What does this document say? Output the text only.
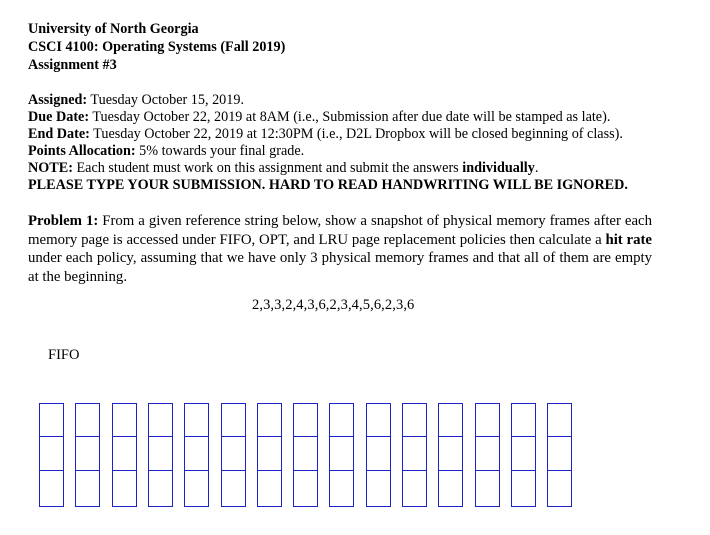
University of North Georgia

CSCI 4100: Operating Systems (Fall 2019)

Assignment #3

Assigned: Tuesday October 15, 2019.

Due Date: Tuesday October 22, 2019 at 8AM (i.e., Submission after due date will be stamped as late).

End Date: Tuesday October 22, 2019 at 12:30PM (i.e., D2L Dropbox will be closed beginning of class).

Points Allocation: 5% towards your final grade.

NOTE: Each student must work on this assignment and submit the answers individually.

PLEASE TYPE YOUR SUBMISSION. HARD TO READ HANDWRITING WILL BE IGNORED.

Problem 1: From a given reference string below, show a snapshot of physical memory frames after each memory page is accessed under FIFO, OPT, and LRU page replacement policies then calculate a hit rate under each policy, assuming that we have only 3 physical memory frames and that all of them are empty at the beginning.

2,3,3,2,4,3,6,2,3,4,5,6,2,3,6
FIFO
